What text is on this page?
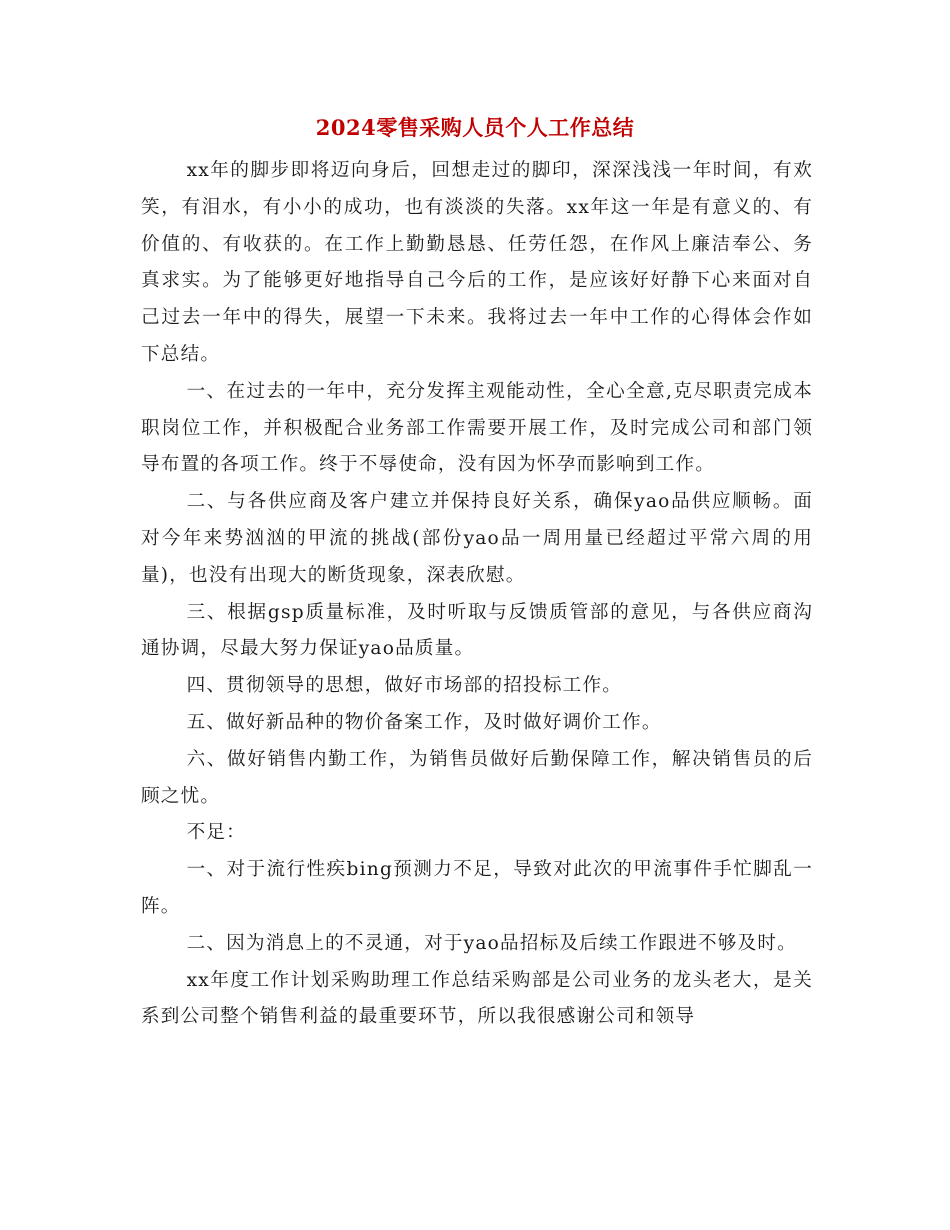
2024零售采购人员个人工作总结

xx年的脚步即将迈向身后，回想走过的脚印，深深浅浅一年时间，有欢笑，有泪水，有小小的成功，也有淡淡的失落。xx年这一年是有意义的、有价值的、有收获的。在工作上勤勤恳恳、任劳任怨，在作风上廉洁奉公、务真求实。为了能够更好地指导自己今后的工作，是应该好好静下心来面对自己过去一年中的得失，展望一下未来。我将过去一年中工作的心得体会作如下总结。

一、在过去的一年中，充分发挥主观能动性，全心全意,克尽职责完成本职岗位工作，并积极配合业务部工作需要开展工作，及时完成公司和部门领导布置的各项工作。终于不辱使命，没有因为怀孕而影响到工作。

二、与各供应商及客户建立并保持良好关系，确保yao品供应顺畅。面对今年来势汹汹的甲流的挑战(部份yao品一周用量已经超过平常六周的用量)，也没有出现大的断货现象，深表欣慰。

三、根据gsp质量标准，及时听取与反馈质管部的意见，与各供应商沟通协调，尽最大努力保证yao品质量。

四、贯彻领导的思想，做好市场部的招投标工作。

五、做好新品种的物价备案工作，及时做好调价工作。

六、做好销售内勤工作，为销售员做好后勤保障工作，解决销售员的后顾之忧。

不足：

一、对于流行性疾bing预测力不足，导致对此次的甲流事件手忙脚乱一阵。

二、因为消息上的不灵通，对于yao品招标及后续工作跟进不够及时。

xx年度工作计划采购助理工作总结采购部是公司业务的龙头老大，是关系到公司整个销售利益的最重要环节，所以我很感谢公司和领导
